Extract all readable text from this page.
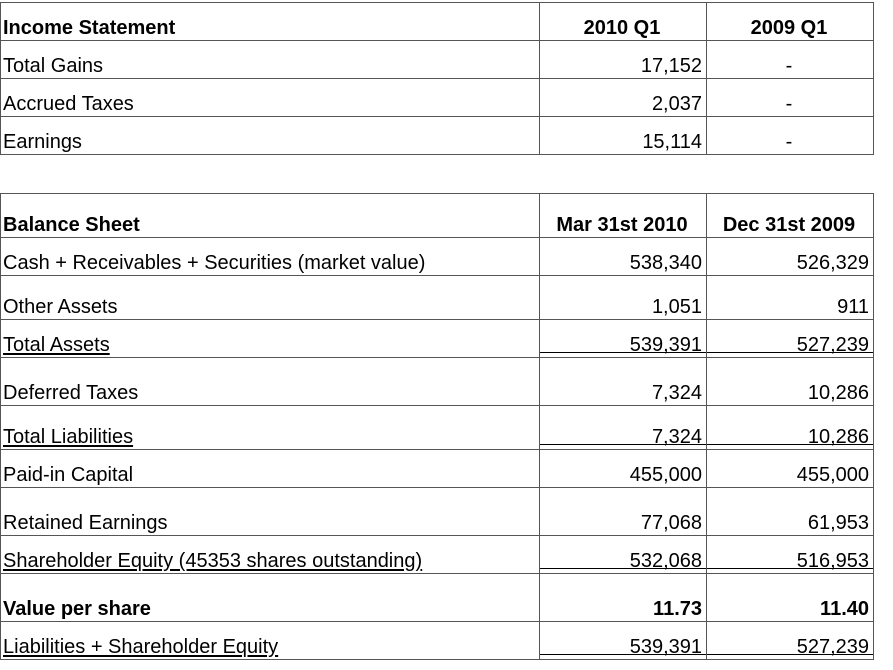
Income Statement	2010 Q1	2009 Q1
Total Gains	17,152	-
Accrued Taxes	2,037	-
Earnings	15,114	-
Balance Sheet	Mar 31st 2010	Dec 31st 2009
Cash + Receivables + Securities (market value)	538,340	526,329
Other Assets	1,051	911
Total Assets	539,391	527,239
Deferred Taxes	7,324	10,286
Total Liabilities	7,324	10,286
Paid-in Capital	455,000	455,000
Retained Earnings	77,068	61,953
Shareholder Equity (45353 shares outstanding)	532,068	516,953
Value per share	11.73	11.40
Liabilities + Shareholder Equity	539,391	527,239
